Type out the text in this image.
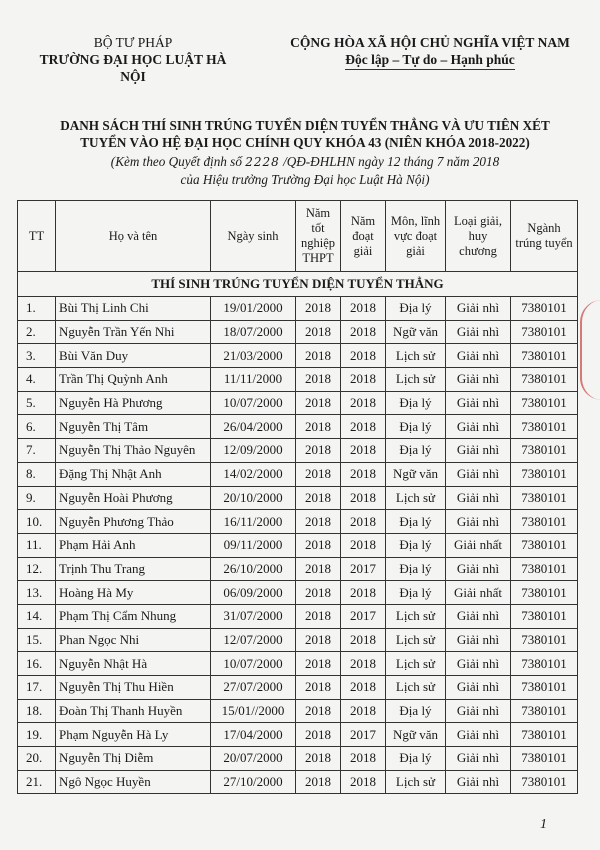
BỘ TƯ PHÁP
TRƯỜNG ĐẠI HỌC LUẬT HÀ NỘI
CỘNG HÒA XÃ HỘI CHỦ NGHĨA VIỆT NAM
Độc lập – Tự do – Hạnh phúc
DANH SÁCH THÍ SINH TRÚNG TUYỂN DIỆN TUYỂN THẲNG VÀ ƯU TIÊN XÉT
TUYỂN VÀO HỆ ĐẠI HỌC CHÍNH QUY KHÓA 43 (NIÊN KHÓA 2018-2022)
(Kèm theo Quyết định số 2228 /QĐ-ĐHLHN ngày 12 tháng 7 năm 2018
của Hiệu trưởng Trường Đại học Luật Hà Nội)
TT	Họ và tên	Ngày sinh	Năm tốt nghiệp THPT	Năm đoạt giải	Môn, lĩnh vực đoạt giải	Loại giải, huy chương	Ngành trúng tuyển
THÍ SINH TRÚNG TUYỂN DIỆN TUYỂN THẲNG							
1.	Bùi Thị Linh Chi	19/01/2000	2018	2018	Địa lý	Giải nhì	7380101
2.	Nguyễn Trần Yến Nhi	18/07/2000	2018	2018	Ngữ văn	Giải nhì	7380101
3.	Bùi Văn Duy	21/03/2000	2018	2018	Lịch sử	Giải nhì	7380101
4.	Trần Thị Quỳnh Anh	11/11/2000	2018	2018	Lịch sử	Giải nhì	7380101
5.	Nguyễn Hà Phương	10/07/2000	2018	2018	Địa lý	Giải nhì	7380101
6.	Nguyễn Thị Tâm	26/04/2000	2018	2018	Địa lý	Giải nhì	7380101
7.	Nguyễn Thị Thảo Nguyên	12/09/2000	2018	2018	Địa lý	Giải nhì	7380101
8.	Đặng Thị Nhật Anh	14/02/2000	2018	2018	Ngữ văn	Giải nhì	7380101
9.	Nguyễn Hoài Phương	20/10/2000	2018	2018	Lịch sử	Giải nhì	7380101
10.	Nguyễn Phương Thảo	16/11/2000	2018	2018	Địa lý	Giải nhì	7380101
11.	Phạm Hải Anh	09/11/2000	2018	2018	Địa lý	Giải nhất	7380101
12.	Trịnh Thu Trang	26/10/2000	2018	2017	Địa lý	Giải nhì	7380101
13.	Hoàng Hà My	06/09/2000	2018	2018	Địa lý	Giải nhất	7380101
14.	Phạm Thị Cẩm Nhung	31/07/2000	2018	2017	Lịch sử	Giải nhì	7380101
15.	Phan Ngọc Nhi	12/07/2000	2018	2018	Lịch sử	Giải nhì	7380101
16.	Nguyễn Nhật Hà	10/07/2000	2018	2018	Lịch sử	Giải nhì	7380101
17.	Nguyễn Thị Thu Hiền	27/07/2000	2018	2018	Lịch sử	Giải nhì	7380101
18.	Đoàn Thị Thanh Huyền	15/01//2000	2018	2018	Địa lý	Giải nhì	7380101
19.	Phạm Nguyễn Hà Ly	17/04/2000	2018	2017	Ngữ văn	Giải nhì	7380101
20.	Nguyễn Thị Diễm	20/07/2000	2018	2018	Địa lý	Giải nhì	7380101
21.	Ngô Ngọc Huyền	27/10/2000	2018	2018	Lịch sử	Giải nhì	7380101
1
